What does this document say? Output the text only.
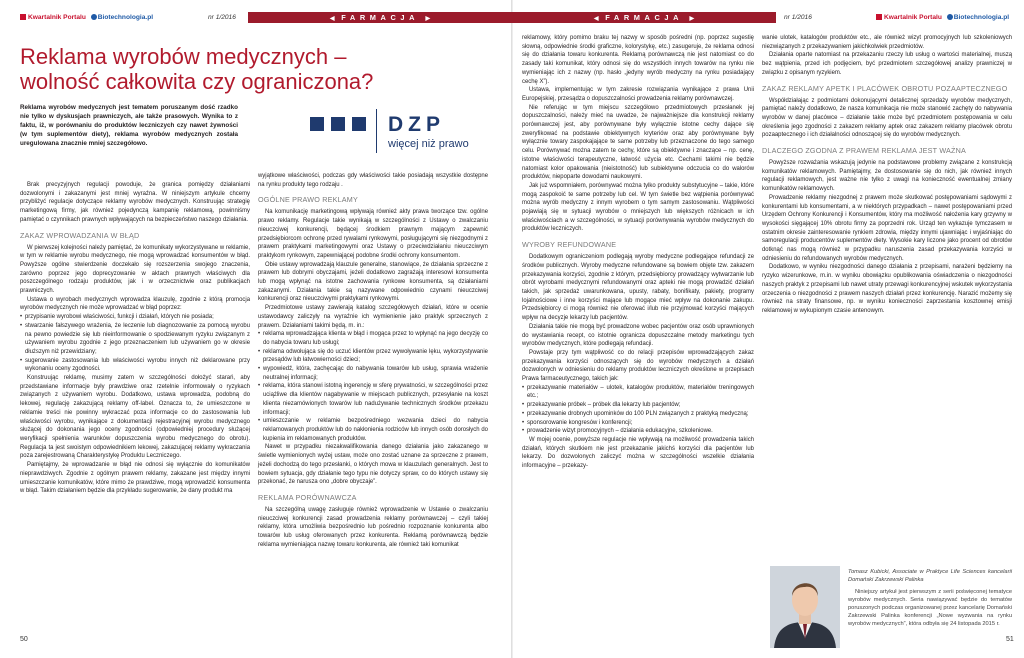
Kwartalnik Portalu Biotechnologia.pl	nr 1/2016	◀ FARMACJA ▶
Reklama wyrobów medycznych –
wolność całkowita czy ograniczona?
Reklama wyrobów medycznych jest tematem poruszanym dość rzadko nie tylko w dyskusjach prawniczych, ale także prasowych. Wynika to z faktu, iż, w porównaniu do produktów leczniczych czy nawet żywności (w tym suplementów diety), reklama wyrobów medycznych została uregulowana znacznie mniej szczegółowo.
DZP
więcej niż prawo

Brak precyzyjnych regulacji powoduje, że granica pomiędzy działaniami dozwolonymi i zakazanymi jest mniej wyraźna. W niniejszym artykule chcemy przybliżyć regulacje dotyczące reklamy wyrobów medycznych. Konstruując strategię marketingową firmy, jak również pojedynczą kampanię reklamową, powinniśmy pamiętać o czynnikach prawnych wpływających na bezpieczeństwo naszego działania.

ZAKAZ WPROWADZANIA W BŁĄD

W pierwszej kolejności należy pamiętać, że komunikaty wykorzystywane w reklamie, w tym w reklamie wyrobu medycznego, nie mogą wprowadzać konsumentów w błąd. Powyższe ogólne stwierdzenie doczekało się rozszerzenia swojego znaczenia, zarówno poprzez jego doprecyzowanie w aktach prawnych właściwych dla poszczególnego rodzaju produktów, jak i w orzecznictwie oraz publikacjach prawniczych.

Ustawa o wyrobach medycznych wprowadza klauzulę, zgodnie z którą promocja wyrobów medycznych nie może wprowadzać w błąd poprzez:

• przypisanie wyrobowi właściwości, funkcji i działań, których nie posiada;
• stwarzanie fałszywego wrażenia, że leczenie lub diagnozowanie za pomocą wyrobu na pewno powiedzie się lub nieinformowanie o spodziewanym ryzyku związanym z używaniem wyrobu zgodnie z jego przeznaczeniem lub używaniem go w okresie dłuższym niż przewidziany;
• sugerowanie zastosowania lub właściwości wyrobu innych niż deklarowane przy wykonaniu oceny zgodności.

Konstruując reklamę, musimy zatem w szczególności dołożyć starań, aby przedstawiane informacje były prawdziwe oraz rzetelnie informowały o ryzykach związanych z używaniem wyrobu. Dodatkowo, ustawa wprowadza, podobną do lekowej, regulację zakazującą reklamy off-label. Oznacza to, że umieszczone w reklamie treści nie powinny wykraczać poza informacje co do zastosowania lub właściwości wyrobu, wynikające z dokumentacji rejestracyjnej wyrobu medycznego służącej do dokonania jego oceny zgodności (odpowiedniej procedury służącej weryfikacji spełnienia warunków dopuszczenia wyrobu medycznego do obrotu). Regulacja ta jest swoistym odpowiednikiem lekowej, zakazującej reklamy wykraczania poza zarejestrowaną Charakterystykę Produktu Leczniczego.

Pamiętajmy, że wprowadzanie w błąd nie odnosi się wyłącznie do komunikatów nieprawdziwych. Zgodnie z ogólnym prawem reklamy, zakazane jest między innymi umieszczanie komunikatów, które mimo że prawdziwe, mogą wprowadzić konsumenta w błąd. Takim działaniem będzie dla przykładu sugerowanie, że dany produkt ma

wyjątkowe właściwości, podczas gdy właściwości takie posiadają wszystkie dostępne na rynku produkty tego rodzaju .

OGÓLNE PRAWO REKLAMY

Na komunikację marketingową wpływają również akty prawa tworzące tzw. ogólne prawo reklamy. Regulacje takie wynikają w szczególności z Ustawy o zwalczaniu nieuczciwej konkurencji, będącej środkiem prawnym mającym zapewnić przedsiębiorcom ochronę przed rywalami rynkowymi, posługującymi się niezgodnymi z prawem praktykami marketingowymi oraz Ustawy o przeciwdziałaniu nieuczciwym praktykom rynkowym, zapewniającej podobne środki ochrony konsumentom.

Obie ustawy wprowadzają klauzule generalne, stanowiące, że działania sprzeczne z prawem lub dobrymi obyczajami, jeżeli dodatkowo zagrażają interesowi konsumenta lub mogą wpłynąć na istotne zachowania rynkowe konsumenta, są działaniami zakazanymi. Działania takie są nazywane odpowiednio czynami nieuczciwej konkurencji oraz nieuczciwymi praktykami rynkowymi.

Przedmiotowe ustawy zawierają katalog szczegółowych działań, które w ocenie ustawodawcy zaliczyły na wyraźnie ich wymienienie jako praktyk sprzecznych z prawem. Działaniami takimi będą, m. in.:

• reklama wprowadzająca klienta w błąd i mogąca przez to wpłynąć na jego decyzję co do nabycia towaru lub usługi;
• reklama odwołująca się do uczuć klientów przez wywoływanie lęku, wykorzystywanie przesądów lub łatwowierności dzieci;
• wypowiedź, która, zachęcając do nabywania towarów lub usług, sprawia wrażenie neutralnej informacji;
• reklama, która stanowi istotną ingerencję w sferę prywatności, w szczególności przez uciążliwe dla klientów nagabywanie w miejscach publicznych, przesyłanie na koszt klienta niezamówionych towarów lub nadużywanie technicznych środków przekazu informacji;
• umieszczanie w reklamie bezpośredniego wezwania dzieci do nabycia reklamowanych produktów lub do nakłonienia rodziców lub innych osób dorosłych do kupienia im reklamowanych produktów.

Nawet w przypadku niezakwalifikowania danego działania jako zakazanego w świetle wymienionych wyżej ustaw, może ono zostać uznane za sprzeczne z prawem, jeżeli dochodzą do tego przesłanki, o których mowa w klauzulach generalnych. Jest to bowiem sytuacja, gdy działanie tego typu nie dotyczy spraw, co do których ustawy się przekonać, że narusza ono „dobre obyczaje”.

REKLAMA PORÓWNAWCZA

Na szczególną uwagę zasługuje również wprowadzenie w Ustawie o zwalczaniu nieuczciwej konkurencji zasad prowadzenia reklamy porównawczej – czyli takiej reklamy, która umożliwia bezpośrednio lub pośrednio rozpoznanie konkurenta albo towarów lub usług oferowanych przez konkurenta. Reklamą porównawczą będzie reklama wymieniająca nazwę towaru konkurenta, ale również taki komunikat

50
◀ FARMACJA ▶	nr 1/2016	Kwartalnik Portalu Biotechnologia.pl

reklamowy, który pomimo braku tej nazwy w sposób pośredni (np. poprzez sugestię słowną, odpowiednie środki graficzne, kolorystykę, etc.) zasugeruje, że reklama odnosi się do działania towaru konkurenta. Reklamą porównawczą nie jest natomiast co do zasady taki komunikat, który odnosi się do wszystkich innych towarów na rynku nie wymieniając ich z nazwy (np. hasło „jedyny wyrób medyczny na rynku posiadający cechę X”).

Ustawa, implementując w tym zakresie rozwiązania wynikające z prawa Unii Europejskiej, przesądza o dopuszczalności prowadzenia reklamy porównawczej.

Nie referując w tym miejscu szczegółowo przedmiotowych przesłanek jej dopuszczalności, należy mieć na uwadze, że najważniejsze dla konstrukcji reklamy porównawczej jest, aby porównywane były wyłącznie istotne cechy dające się zweryfikować na podstawie obiektywnych kryteriów oraz aby porównywane były wyłącznie towary zaspokajające te same potrzeby lub przeznaczone do tego samego celu. Porównywać można zatem te cechy, które są obiektywne i znaczące – np. cenę, istotne właściwości terapeutyczne, łatwość użycia etc. Cechami takimi nie będzie natomiast kolor opakowania (nieistotność) lub subiektywne odczucia co do walorów produktów, niepoparte dowodami naukowymi.

Jak już wspomniałem, porównywać można tylko produkty substytucyjne – takie, które mogą zaspokoić te same potrzeby lub cel. W tym świetle bez wątpienia porównywać można wyrób medyczny z innym wyrobem o tym samym zastosowaniu. Wątpliwości pojawiają się w sytuacji wyrobów o mniejszych lub większych różnicach w ich właściwościach a w szczególności, w sytuacji porównywania wyrobów medycznych do produktów leczniczych.

WYROBY REFUNDOWANE

Dodatkowym ograniczeniom podlegają wyroby medyczne podlegające refundacji ze środków publicznych. Wyroby medyczne refundowane są bowiem objęte tzw. zakazem przekazywania korzyści, zgodnie z którym, przedsiębiorcy prowadzący wytwarzanie lub obrót wyrobami medycznymi refundowanymi oraz apteki nie mogą prowadzić działań takich, jak sprzedaż uwarunkowana, upusty, rabaty, bonifikaty, pakiety, programy lojalnościowe i inne korzyści mające lub mogące mieć wpływ na dokonanie zakupu. Przedsiębiorcy ci mogą również nie oferować i/lub nie przyjmować korzyści mających wpływ na decyzje lekarzy lub pacjentów.

Działania takie nie mogą być prowadzone wobec pacjentów oraz osób uprawnionych do wystawiania recept, co istotnie ogranicza dopuszczalne metody marketingu tych wyrobów medycznych, które podlegają refundacji.

Powstaje przy tym wątpliwość co do relacji przepisów wprowadzających zakaz przekazywania korzyści odnoszących się do wyrobów medycznych a działań dozwolonych w odniesieniu do reklamy produktów leczniczych określone w przepisach Prawa farmaceutycznego, takich jak:

• przekazywanie materiałów – ulotek, katalogów produktów, materiałów treningowych etc.;
• przekazywanie próbek – próbek dla lekarzy lub pacjentów;
• przekazywanie drobnych upominków do 100 PLN związanych z praktyką medyczną;
• sponsorowanie kongresów i konferencji;
• prowadzenie wizyt promocyjnych – działania edukacyjne, szkoleniowe.

W mojej ocenie, powyższe regulacje nie wpływają na możliwość prowadzenia takich działań, których skutkiem nie jest przekazanie jakichś korzyści dla pacjentów lub lekarzy. Do dozwolonych zaliczyć można w szczególności wszelkie działania informacyjne – przekazy-

wanie ulotek, katalogów produktów etc., ale również wizyt promocyjnych lub szkoleniowych niezwiązanych z przekazywaniem jakichkolwiek przedmiotów.

Działania oparte natomiast na przekazaniu rzeczy lub usług o wartości materialnej, muszą bez wątpienia, przed ich podjęciem, być przedmiotem szczegółowej analizy prawniczej w związku z opisanym ryzykiem.

ZAKAZ REKLAMY APETK I PLACÓWEK OBROTU POZAAPTECZNEGO

Współdziałając z podmiotami dokonującymi detalicznej sprzedaży wyrobów medycznych, pamiętać należy dodatkowo, że nasza komunikacja nie może stanowić zachęty do nabywania wyrobów w danej placówce – działanie takie może być przedmiotem postępowania w celu określenia jego zgodności z zakazem reklamy aptek oraz zakazem reklamy placówek obrotu pozaaptecznego i ich działalności odnoszącej się do wyrobów medycznych.

DLACZEGO ZGODNA Z PRAWEM REKLAMA JEST WAŻNA

Powyższe rozważania wskazują jedynie na podstawowe problemy związane z konstrukcją komunikatów reklamowych. Pamiętajmy, że dostosowanie się do nich, jak również innych regulacji reklamowych, jest ważne nie tylko z uwagi na konieczność ewentualnej zmiany komunikatów reklamowych.

Prowadzenie reklamy niezgodnej z prawem może skutkować postępowaniami sądowymi z konkurentami lub konsumentami, a w niektórych przypadkach – nawet postępowaniami przed Urzędem Ochrony Konkurencji i Konsumentów, który ma możliwość nałożenia kary grzywny w wysokości sięgającej 10% obrotu firmy za poprzedni rok. Urząd ten wykazuje tymczasem w ostatnim okresie zainteresowanie rynkiem zdrowia, między innymi ujawniając i wyjaśniając do samoregulacji producentów suplementów diety. Wysokie kary liczone jako procent od obrotów dotknąć nas mogą również w przypadku naruszenia zasad przekazywania korzyści w odniesieniu do refundowanych wyrobów medycznych.

Dodatkowo, w wyniku niezgodności danego działania z przepisami, narażeni będziemy na ryzyko wizerunkowe, m.in. w wyniku obowiązku opublikowania oświadczenia o niezgodności naszych praktyk z przepisami lub nawet utraty przewagi konkurencyjnej wskutek wykorzystania orzeczenia o niezgodności z prawem naszych działań przez konkurencję. Narazić możemy się również na straty finansowe, np. w wyniku konieczności zaprzestania kosztownej emisji reklamowej w wykupionym czasie antenowym.

51

Tomasz Kubicki, Associate w Praktyce Life Sciences kancelarii Domański Zakrzewski Palinka

Niniejszy artykuł jest pierwszym z serii poświęconej tematyce wyrobów medycznych. Seria nawiązywać będzie do tematów poruszonych podczas organizowanej przez kancelarię Domański Zakrzewski Palinka konferencji „Nowe wyzwania na rynku wyrobów medycznych”, która odbyła się 24 listopada 2015 r.
